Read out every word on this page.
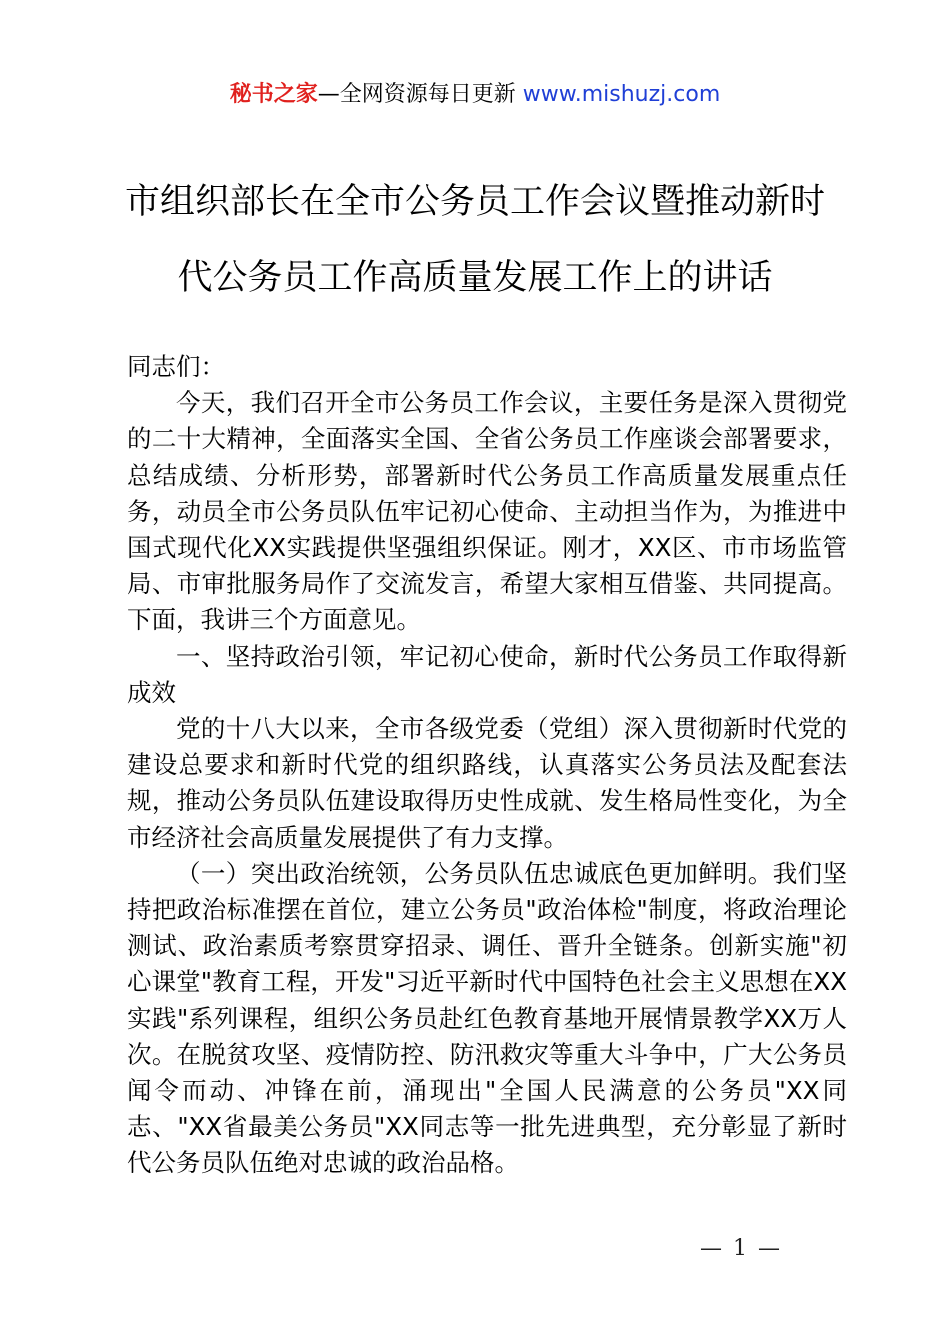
秘书之家—全网资源每日更新 www.mishuzj.com
市组织部长在全市公务员工作会议暨推动新时
代公务员工作高质量发展工作上的讲话

同志们：

今天，我们召开全市公务员工作会议，主要任务是深入贯彻党的二十大精神，全面落实全国、全省公务员工作座谈会部署要求，总结成绩、分析形势，部署新时代公务员工作高质量发展重点任务，动员全市公务员队伍牢记初心使命、主动担当作为，为推进中国式现代化XX实践提供坚强组织保证。刚才，XX区、市市场监管局、市审批服务局作了交流发言，希望大家相互借鉴、共同提高。下面，我讲三个方面意见。

一、坚持政治引领，牢记初心使命，新时代公务员工作取得新成效

党的十八大以来，全市各级党委（党组）深入贯彻新时代党的建设总要求和新时代党的组织路线，认真落实公务员法及配套法规，推动公务员队伍建设取得历史性成就、发生格局性变化，为全市经济社会高质量发展提供了有力支撑。

（一）突出政治统领，公务员队伍忠诚底色更加鲜明。我们坚持把政治标准摆在首位，建立公务员"政治体检"制度，将政治理论测试、政治素质考察贯穿招录、调任、晋升全链条。创新实施"初心课堂"教育工程，开发"习近平新时代中国特色社会主义思想在XX实践"系列课程，组织公务员赴红色教育基地开展情景教学XX万人次。在脱贫攻坚、疫情防控、防汛救灾等重大斗争中，广大公务员闻令而动、冲锋在前，涌现出"全国人民满意的公务员"XX同志、"XX省最美公务员"XX同志等一批先进典型，充分彰显了新时代公务员队伍绝对忠诚的政治品格。

— 1 —
